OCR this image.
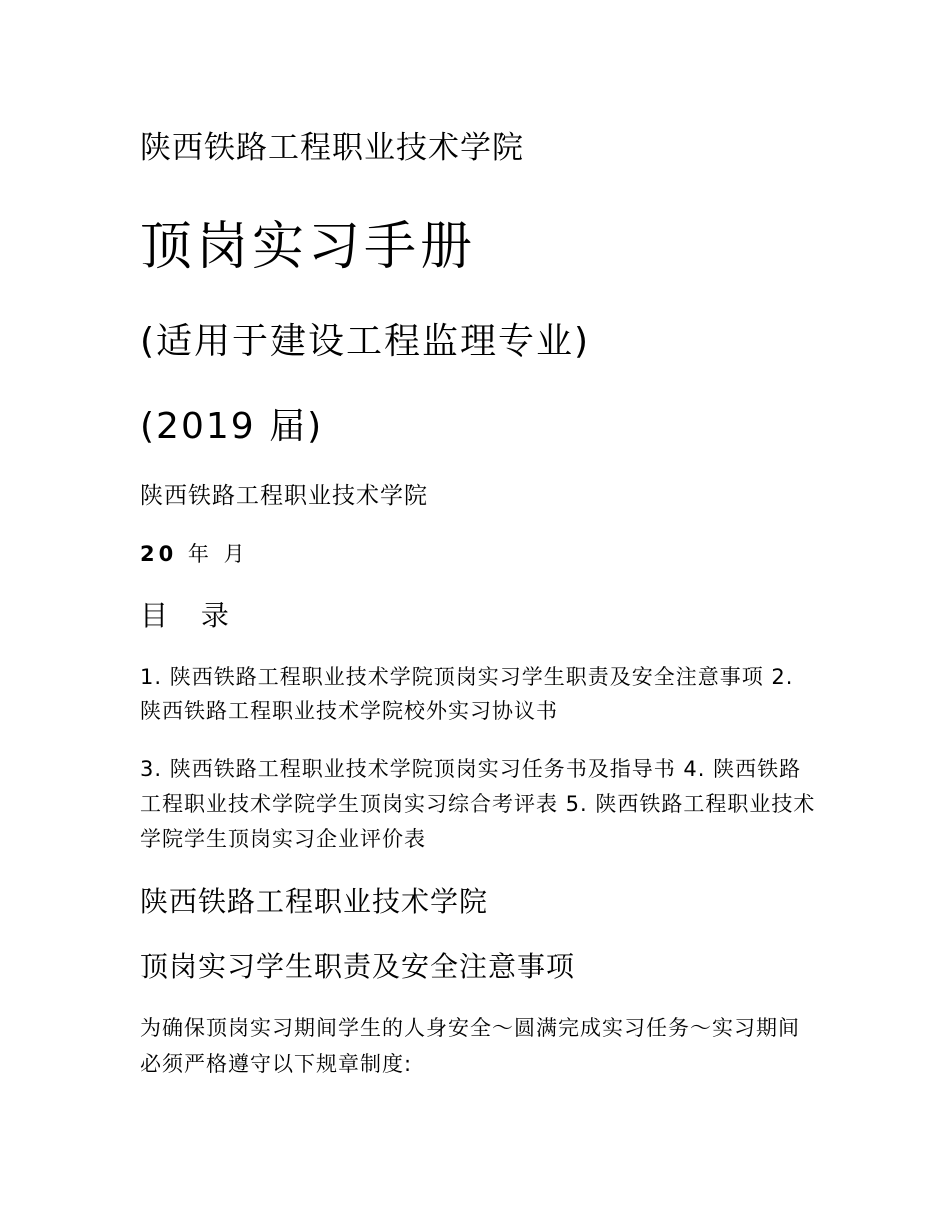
陕西铁路工程职业技术学院
顶岗实习手册
(适用于建设工程监理专业)
(2019 届)
陕西铁路工程职业技术学院
20 年 月
目 录
1. 陕西铁路工程职业技术学院顶岗实习学生职责及安全注意事项 2. 陕西铁路工程职业技术学院校外实习协议书
3. 陕西铁路工程职业技术学院顶岗实习任务书及指导书 4. 陕西铁路工程职业技术学院学生顶岗实习综合考评表 5. 陕西铁路工程职业技术学院学生顶岗实习企业评价表
陕西铁路工程职业技术学院
顶岗实习学生职责及安全注意事项
为确保顶岗实习期间学生的人身安全～圆满完成实习任务～实习期间必须严格遵守以下规章制度:
